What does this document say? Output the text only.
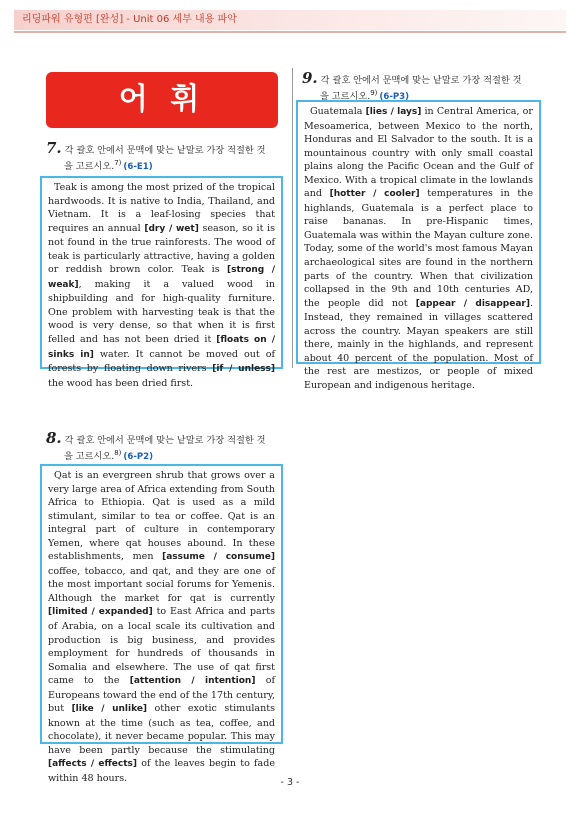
리딩파워 유형편 [완성] - Unit 06 세부 내용 파악
어 휘
7. 각 괄호 안에서 문맥에 맞는 낱말로 가장 적절한 것
을 고르시오.$^{7)}$ (6-E1)

Teak is among the most prized of the tropical hardwoods. It is native to India, Thailand, and Vietnam. It is a leaf-losing species that requires an annual [dry / wet] season, so it is not found in the true rainforests. The wood of teak is particularly attractive, having a golden or reddish brown color. Teak is [strong / weak], making it a valued wood in shipbuilding and for high-quality furniture. One problem with harvesting teak is that the wood is very dense, so that when it is first felled and has not been dried it [floats on / sinks in] water. It cannot be moved out of forests by floating down rivers [if / unless] the wood has been dried first.

8. 각 괄호 안에서 문맥에 맞는 낱말로 가장 적절한 것
을 고르시오.$^{8)}$ (6-P2)

Qat is an evergreen shrub that grows over a very large area of Africa extending from South Africa to Ethiopia. Qat is used as a mild stimulant, similar to tea or coffee. Qat is an integral part of culture in contemporary Yemen, where qat houses abound. In these establishments, men [assume / consume] coffee, tobacco, and qat, and they are one of the most important social forums for Yemenis. Although the market for qat is currently [limited / expanded] to East Africa and parts of Arabia, on a local scale its cultivation and production is big business, and provides employment for hundreds of thousands in Somalia and elsewhere. The use of qat first came to the [attention / intention] of Europeans toward the end of the 17th century, but [like / unlike] other exotic stimulants known at the time (such as tea, coffee, and chocolate), it never became popular. This may have been partly because the stimulating [affects / effects] of the leaves begin to fade within 48 hours.

9. 각 괄호 안에서 문맥에 맞는 낱말로 가장 적절한 것
을 고르시오.$^{9)}$ (6-P3)

Guatemala [lies / lays] in Central America, or Mesoamerica, between Mexico to the north, Honduras and El Salvador to the south. It is a mountainous country with only small coastal plains along the Pacific Ocean and the Gulf of Mexico. With a tropical climate in the lowlands and [hotter / cooler] temperatures in the highlands, Guatemala is a perfect place to raise bananas. In pre-Hispanic times, Guatemala was within the Mayan culture zone. Today, some of the world's most famous Mayan archaeological sites are found in the northern parts of the country. When that civilization collapsed in the 9th and 10th centuries AD, the people did not [appear / disappear]. Instead, they remained in villages scattered across the country. Mayan speakers are still there, mainly in the highlands, and represent about 40 percent of the population. Most of the rest are mestizos, or people of mixed European and indigenous heritage.

- 3 -
